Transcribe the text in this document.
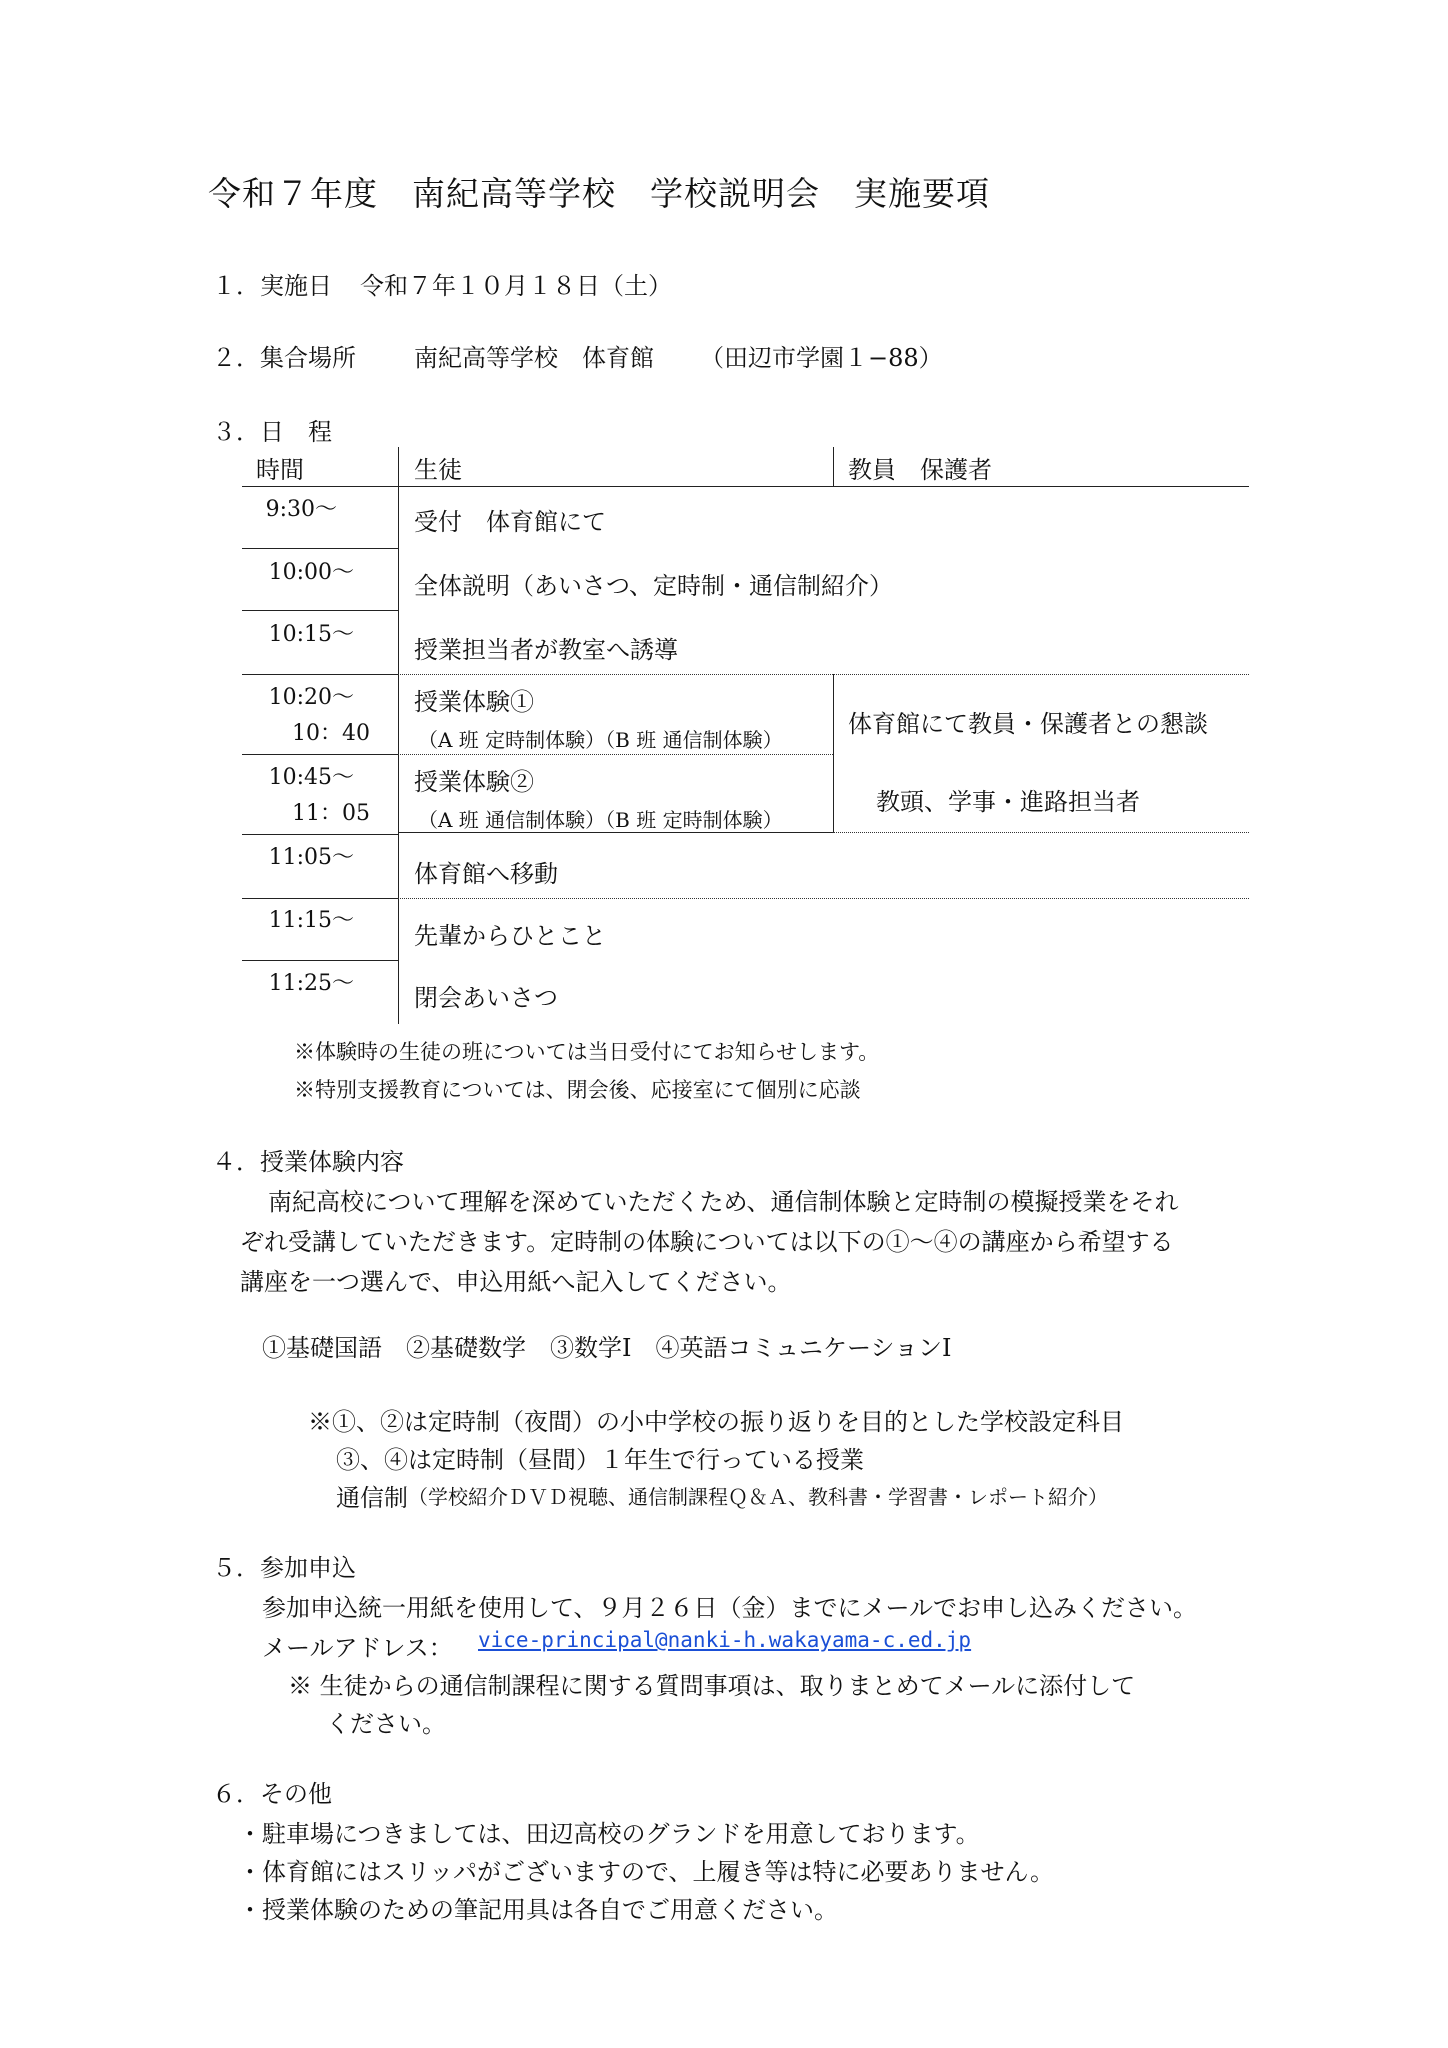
令和７年度　南紀高等学校　学校説明会　実施要項
１．実施日 令和７年１０月１８日（土）
２．集合場所 南紀高等学校　体育館 （田辺市学園１−88）
３．日　程
時間	生徒	教員　保護者
9:30〜
10:00〜
10:15〜
10:20〜
10：40
10:45〜
11：05
11:05〜
11:15〜
11:25〜
受付　体育館にて
全体説明（あいさつ、定時制・通信制紹介）
授業担当者が教室へ誘導
授業体験①
（A 班 定時制体験）（B 班 通信制体験）
授業体験②
（A 班 通信制体験）（B 班 定時制体験）
体育館へ移動
先輩からひとこと
閉会あいさつ
体育館にて教員・保護者との懇談
教頭、学事・進路担当者
※体験時の生徒の班については当日受付にてお知らせします。
※特別支援教育については、閉会後、応接室にて個別に応談
４．授業体験内容
南紀高校について理解を深めていただくため、通信制体験と定時制の模擬授業をそれ
ぞれ受講していただきます。定時制の体験については以下の①〜④の講座から希望する
講座を一つ選んで、申込用紙へ記入してください。
①基礎国語　②基礎数学　③数学Ⅰ　④英語コミュニケーションⅠ
※①、②は定時制（夜間）の小中学校の振り返りを目的とした学校設定科目
③、④は定時制（昼間）１年生で行っている授業
通信制 （学校紹介ＤＶＤ視聴、通信制課程Ｑ＆Ａ、教科書・学習書・レポート紹介）
５．参加申込
参加申込統一用紙を使用して、９月２６日（金）までにメールでお申し込みください。
メールアドレス： vice-principal@nanki-h.wakayama-c.ed.jp
※ 生徒からの通信制課程に関する質問事項は、取りまとめてメールに添付して
ください。
６．その他
・駐車場につきましては、田辺高校のグランドを用意しております。
・体育館にはスリッパがございますので、上履き等は特に必要ありません。
・授業体験のための筆記用具は各自でご用意ください。
